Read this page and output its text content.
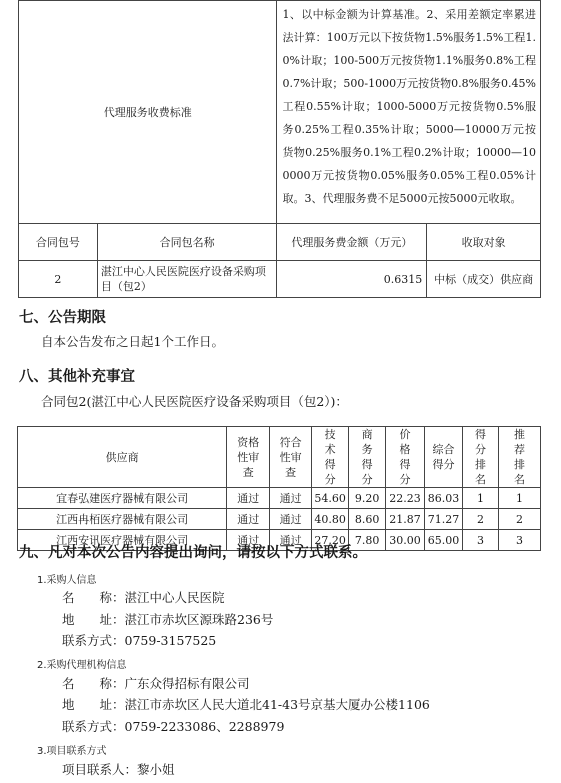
代理服务收费标准		1、以中标金额为计算基准。2、采用差额定率累进法计算：100万元以下按货物1.5%服务1.5%工程1.0%计取；100-500万元按货物1.1%服务0.8%工程0.7%计取；500-1000万元按货物0.8%服务0.45%工程0.55%计取；1000-5000万元按货物0.5%服务0.25%工程0.35%计取；5000—10000万元按货物0.25%服务0.1%工程0.2%计取；10000—100000万元按货物0.05%服务0.05%工程0.05%计取。3、代理服务费不足5000元按5000元收取。	
合同包号	合同包名称	代理服务费金额（万元）	收取对象
2	湛江中心人民医院医疗设备采购项目（包2）	0.6315	中标（成交）供应商
七、公告期限
自本公告发布之日起1个工作日。
八、其他补充事宜
合同包2(湛江中心人民医院医疗设备采购项目（包2）)：
供应商	资格性审查	符合性审查	技术得分	商务得分	价格得分	综合得分	得分排名	推荐排名
宜春弘建医疗器械有限公司	通过	通过	54.60	9.20	22.23	86.03	1	1
江西冉栢医疗器械有限公司	通过	通过	40.80	8.60	21.87	71.27	2	2
江西安讯医疗器械有限公司	通过	通过	27.20	7.80	30.00	65.00	3	3
九、凡对本次公告内容提出询问，请按以下方式联系。
1.采购人信息
名　　称：湛江中心人民医院
地　　址：湛江市赤坎区源珠路236号
联系方式：0759-3157525
2.采购代理机构信息
名　　称：广东众得招标有限公司
地　　址：湛江市赤坎区人民大道北41-43号京基大厦办公楼1106
联系方式：0759-2233086、2288979
3.项目联系方式
项目联系人：黎小姐
